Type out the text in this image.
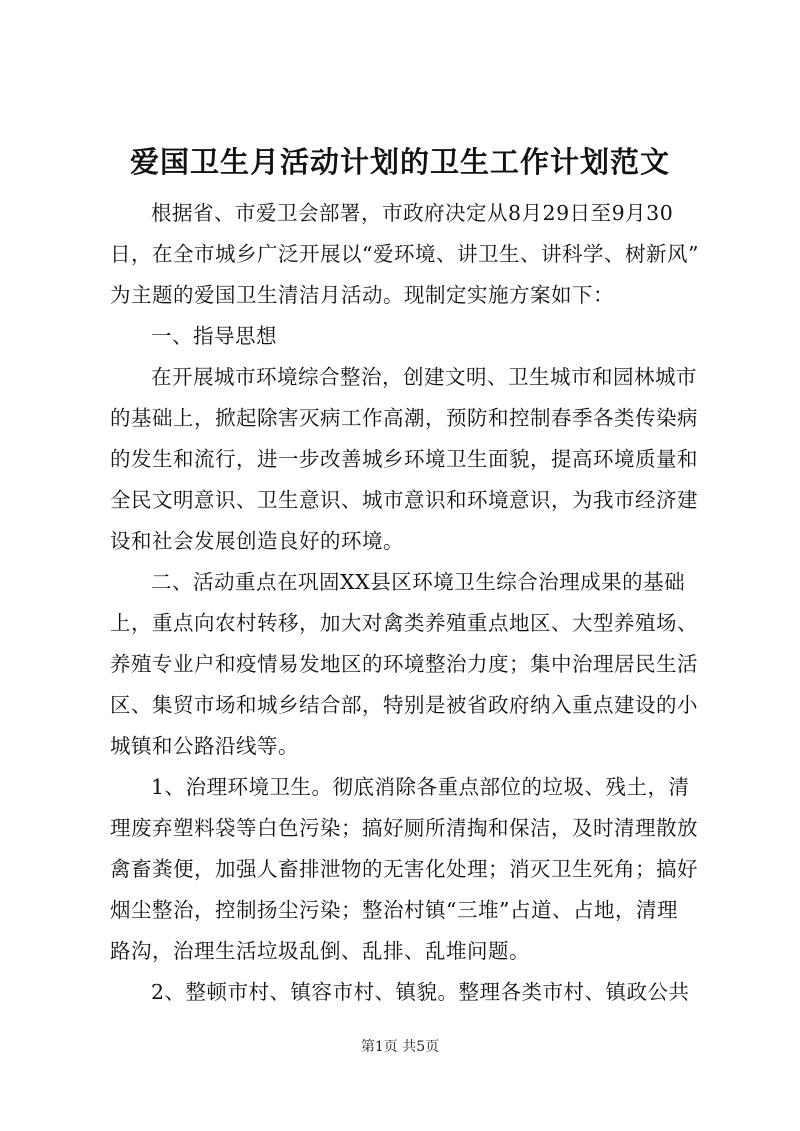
爱国卫生月活动计划的卫生工作计划范文
根据省、市爱卫会部署，市政府决定从8月29日至9月30
日，在全市城乡广泛开展以“爱环境、讲卫生、讲科学、树新风”
为主题的爱国卫生清洁月活动。现制定实施方案如下：
一、指导思想
在开展城市环境综合整治，创建文明、卫生城市和园林城市
的基础上，掀起除害灭病工作高潮，预防和控制春季各类传染病
的发生和流行，进一步改善城乡环境卫生面貌，提高环境质量和
全民文明意识、卫生意识、城市意识和环境意识，为我市经济建
设和社会发展创造良好的环境。
二、活动重点在巩固XX县区环境卫生综合治理成果的基础
上，重点向农村转移，加大对禽类养殖重点地区、大型养殖场、
养殖专业户和疫情易发地区的环境整治力度；集中治理居民生活
区、集贸市场和城乡结合部，特别是被省政府纳入重点建设的小
城镇和公路沿线等。
1、治理环境卫生。彻底消除各重点部位的垃圾、残土，清
理废弃塑料袋等白色污染；搞好厕所清掏和保洁，及时清理散放
禽畜粪便，加强人畜排泄物的无害化处理；消灭卫生死角；搞好
烟尘整治，控制扬尘污染；整治村镇“三堆”占道、占地，清理
路沟，治理生活垃圾乱倒、乱排、乱堆问题。
2、整顿市村、镇容市村、镇貌。整理各类市村、镇政公共
第1页 共5页
